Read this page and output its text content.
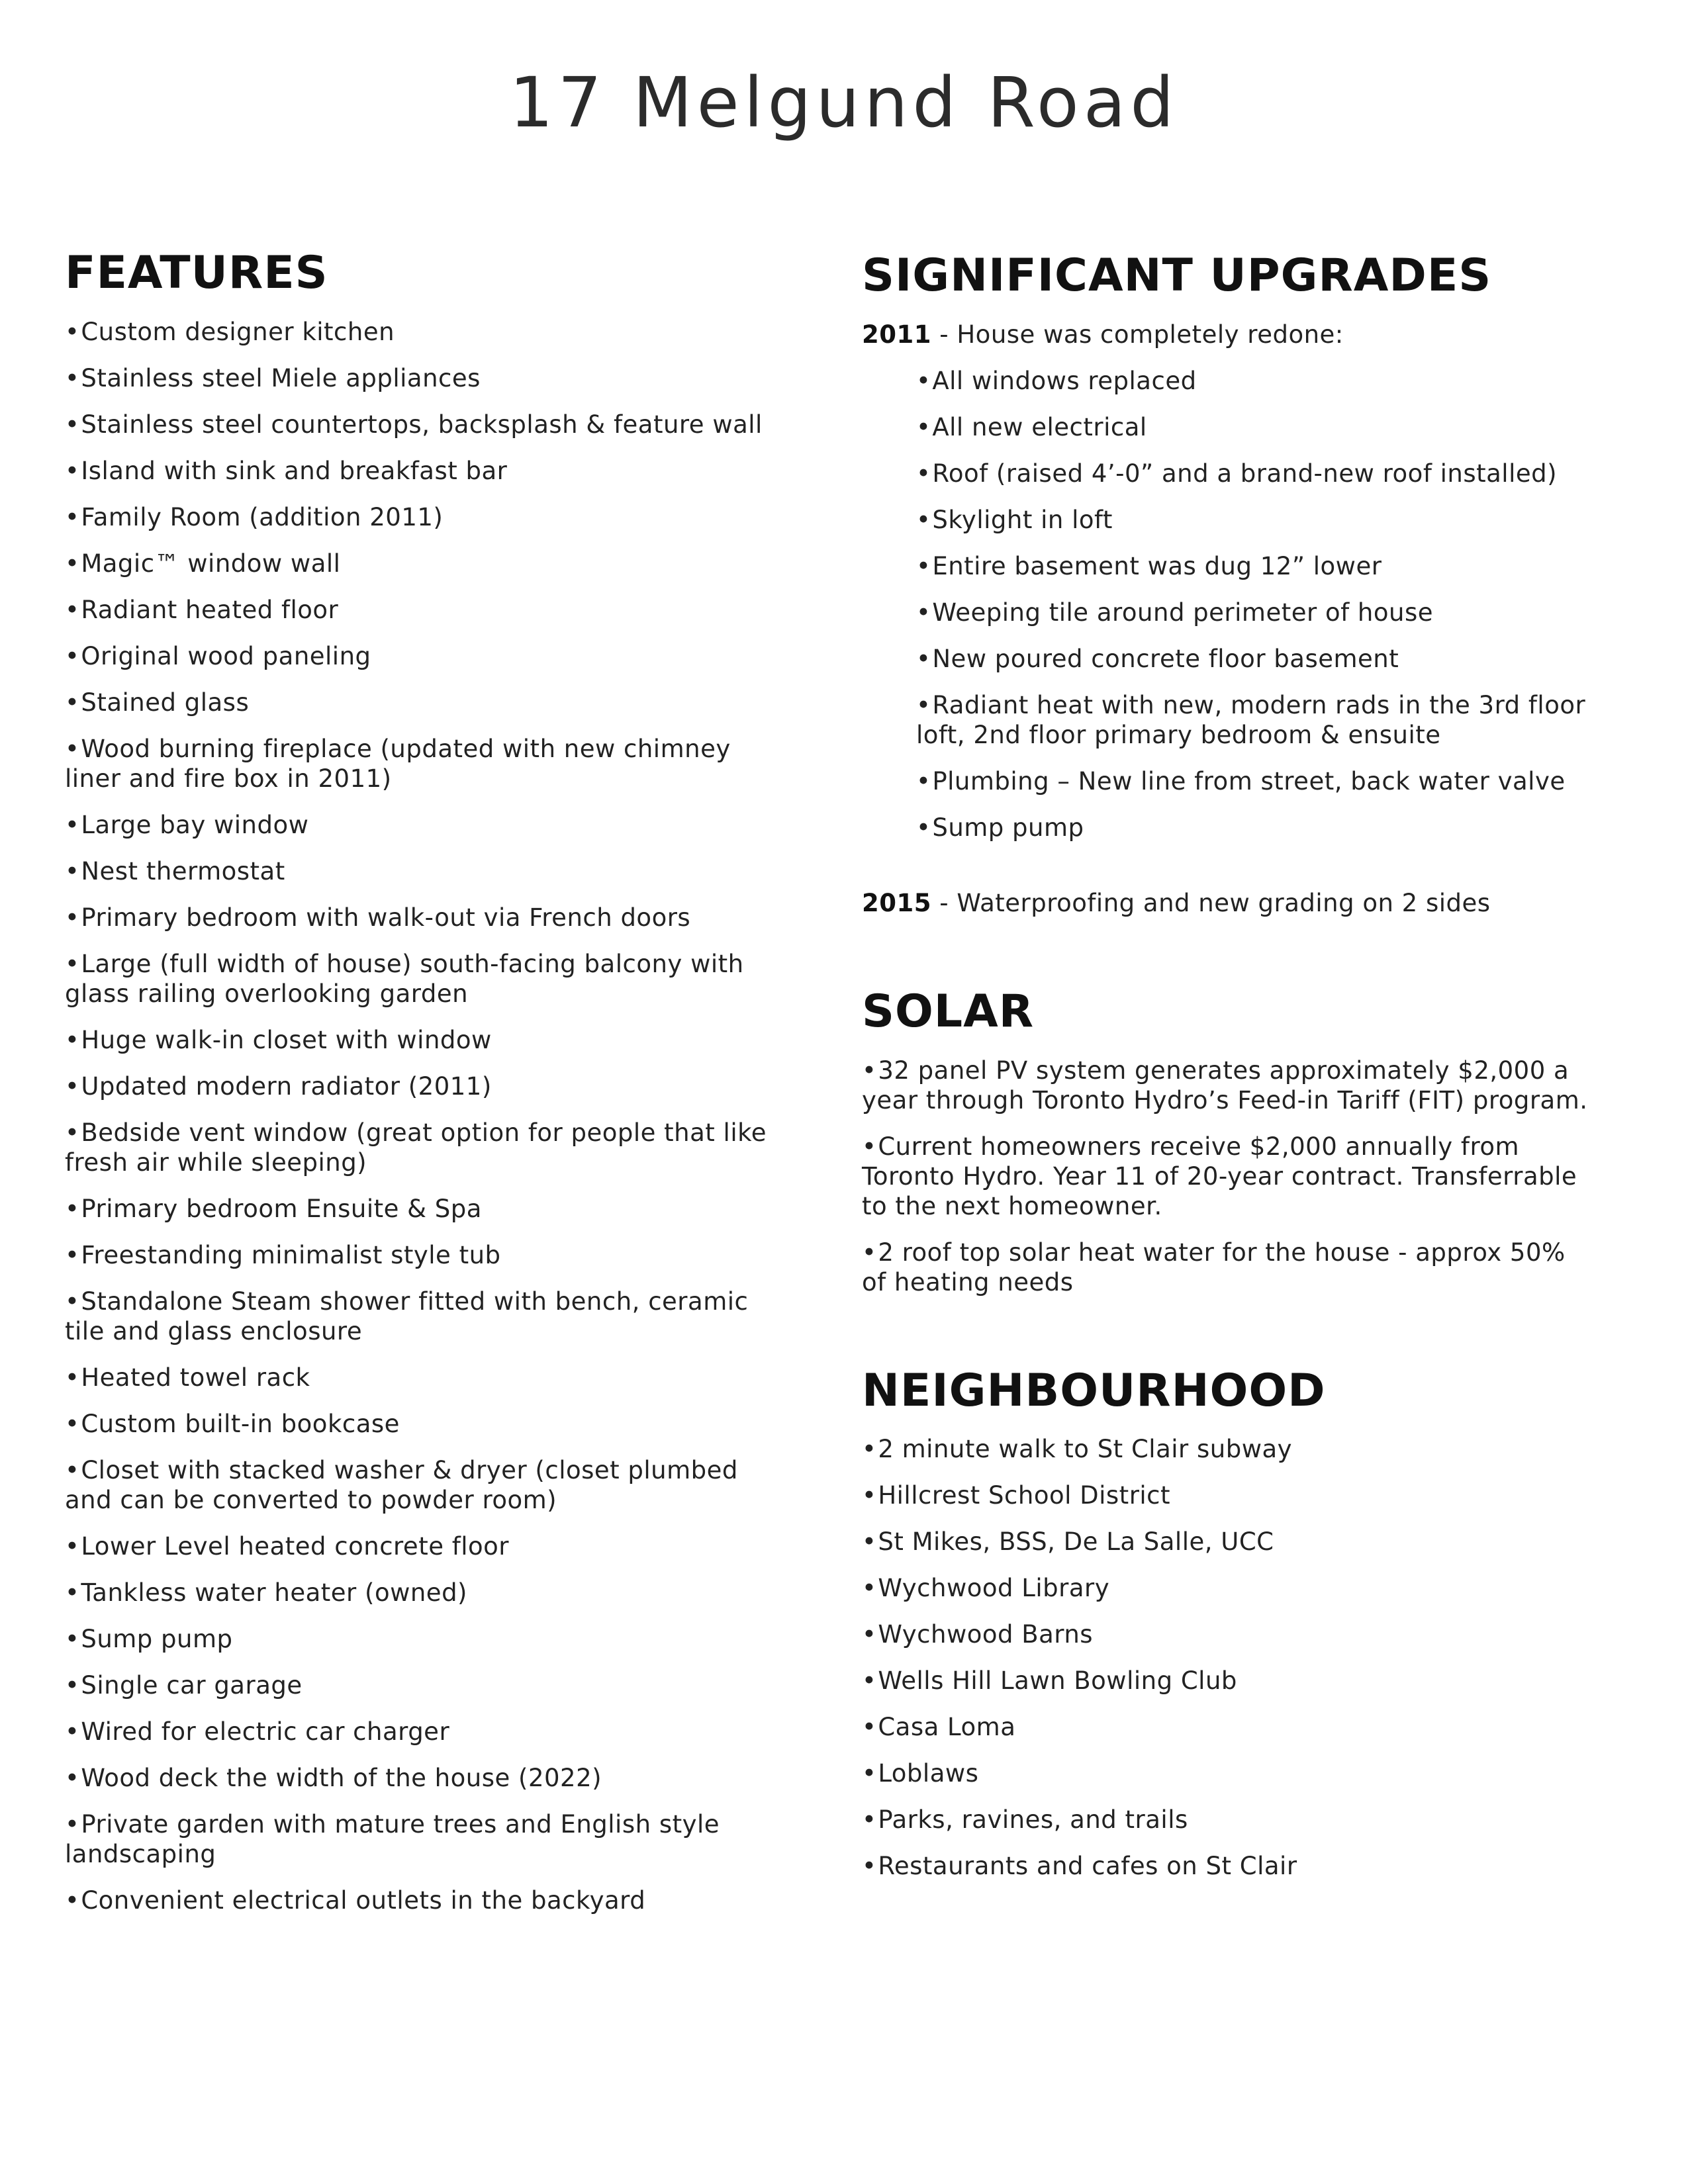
17 Melgund Road
FEATURES
•Custom designer kitchen
•Stainless steel Miele appliances
•Stainless steel countertops, backsplash & feature wall
•Island with sink and breakfast bar
•Family Room (addition 2011)
•Magic™ window wall
•Radiant heated floor
•Original wood paneling
•Stained glass
•Wood burning fireplace (updated with new chimney liner and fire box in 2011)
•Large bay window
•Nest thermostat
•Primary bedroom with walk-out via French doors
•Large (full width of house) south-facing balcony with glass railing overlooking garden
•Huge walk-in closet with window
•Updated modern radiator (2011)
•Bedside vent window (great option for people that like fresh air while sleeping)
•Primary bedroom Ensuite & Spa
•Freestanding minimalist style tub
•Standalone Steam shower fitted with bench, ceramic tile and glass enclosure
•Heated towel rack
•Custom built-in bookcase
•Closet with stacked washer & dryer (closet plumbed and can be converted to powder room)
•Lower Level heated concrete floor
•Tankless water heater (owned)
•Sump pump
•Single car garage
•Wired for electric car charger
•Wood deck the width of the house (2022)
•Private garden with mature trees and English style landscaping
•Convenient electrical outlets in the backyard
SIGNIFICANT UPGRADES

2011 - House was completely redone:

•All windows replaced
•All new electrical
•Roof (raised 4’-0” and a brand-new roof installed)
•Skylight in loft
•Entire basement was dug 12” lower
•Weeping tile around perimeter of house
•New poured concrete floor basement
•Radiant heat with new, modern rads in the 3rd floor loft, 2nd floor primary bedroom & ensuite
•Plumbing – New line from street, back water valve
•Sump pump

2015 - Waterproofing and new grading on 2 sides

SOLAR
•32 panel PV system generates approximately $2,000 a year through Toronto Hydro’s Feed-in Tariff (FIT) program.
•Current homeowners receive $2,000 annually from Toronto Hydro. Year 11 of 20-year contract. Transferrable to the next homeowner.
•2 roof top solar heat water for the house - approx 50% of heating needs
NEIGHBOURHOOD
•2 minute walk to St Clair subway
•Hillcrest School District
•St Mikes, BSS, De La Salle, UCC
•Wychwood Library
•Wychwood Barns
•Wells Hill Lawn Bowling Club
•Casa Loma
•Loblaws
•Parks, ravines, and trails
•Restaurants and cafes on St Clair
